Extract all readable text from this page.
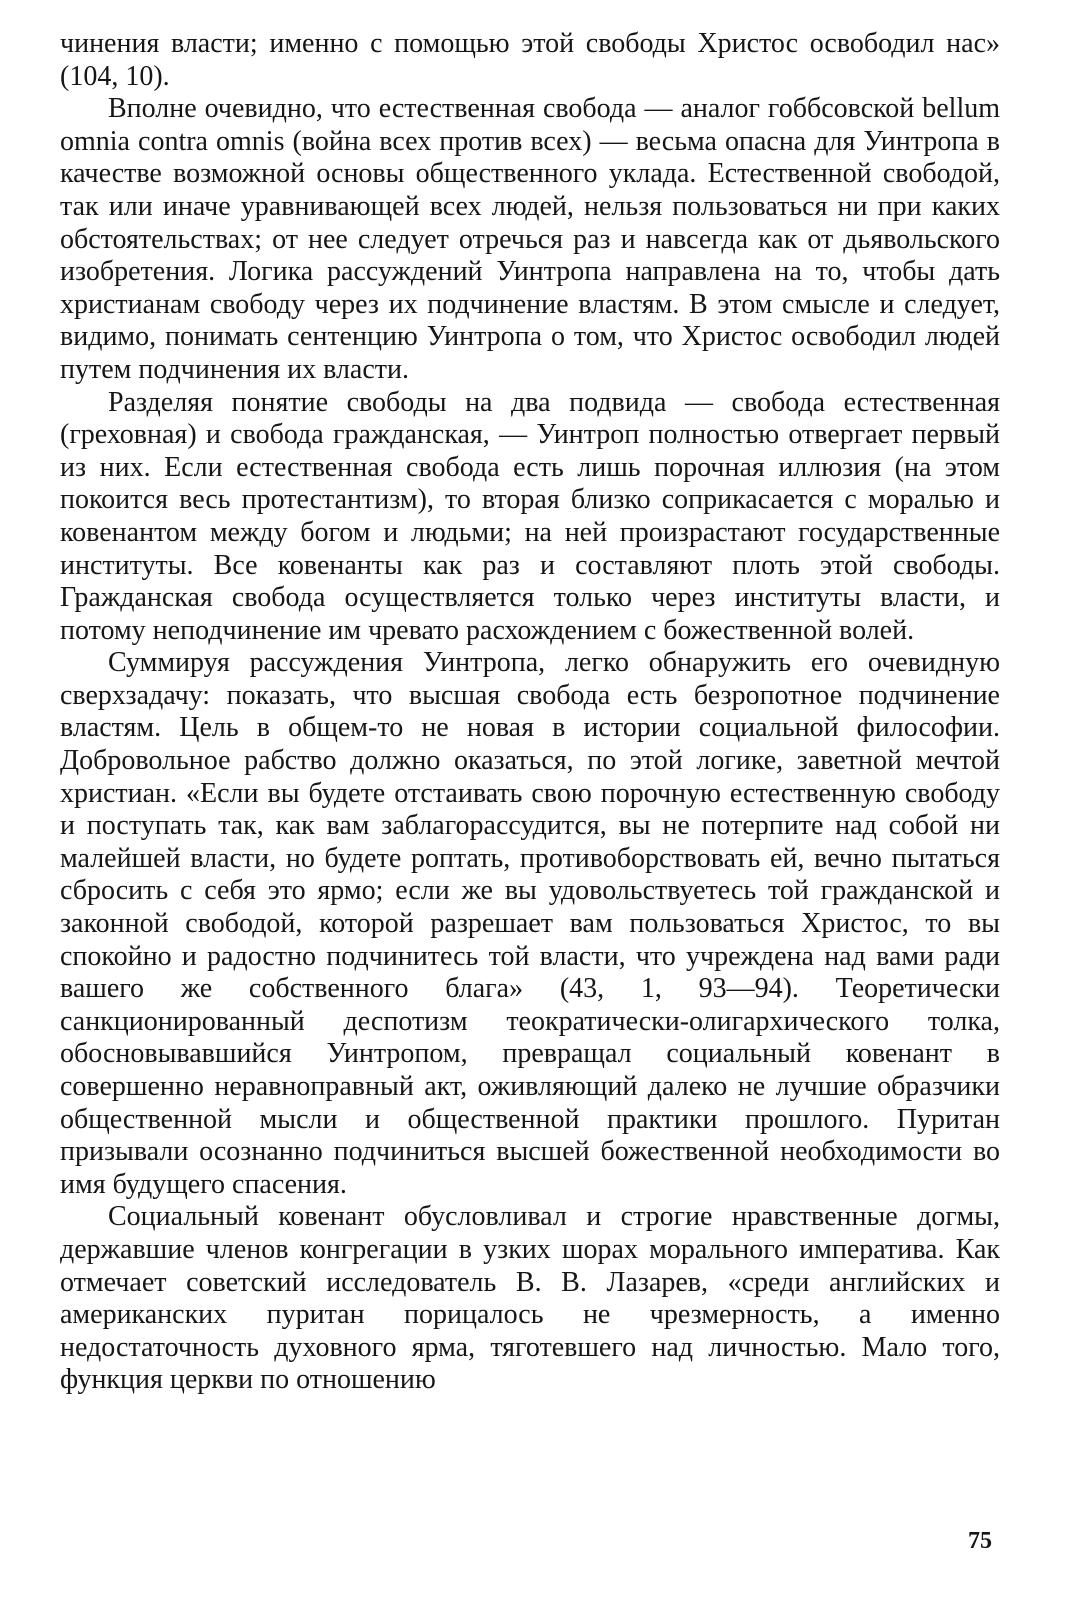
чинения власти; именно с помощью этой свободы Христос освободил нас» (104, 10).

Вполне очевидно, что естественная свобода — аналог гоббсовской bellum omnia contra omnis (война всех против всех) — весьма опасна для Уинтропа в качестве возможной основы общественного уклада. Естественной свободой, так или иначе уравнивающей всех людей, нельзя пользоваться ни при каких обстоятельствах; от нее следует отречься раз и навсегда как от дьявольского изобретения. Логика рассуждений Уинтропа направлена на то, чтобы дать христианам свободу через их подчинение властям. В этом смысле и следует, видимо, понимать сентенцию Уинтропа о том, что Христос освободил людей путем подчинения их власти.

Разделяя понятие свободы на два подвида — свобода естественная (греховная) и свобода гражданская, — Уинтроп полностью отвергает первый из них. Если естественная свобода есть лишь порочная иллюзия (на этом покоится весь протестантизм), то вторая близко соприкасается с моралью и ковенантом между богом и людьми; на ней произрастают государственные институты. Все ковенанты как раз и составляют плоть этой свободы. Гражданская свобода осуществляется только через институты власти, и потому неподчинение им чревато расхождением с божественной волей.

Суммируя рассуждения Уинтропа, легко обнаружить его очевидную сверхзадачу: показать, что высшая свобода есть безропотное подчинение властям. Цель в общем-то не новая в истории социальной философии. Добровольное рабство должно оказаться, по этой логике, заветной мечтой христиан. «Если вы будете отстаивать свою порочную естественную свободу и поступать так, как вам заблагорассудится, вы не потерпите над собой ни малейшей власти, но будете роптать, противоборствовать ей, вечно пытаться сбросить с себя это ярмо; если же вы удовольствуетесь той гражданской и законной свободой, которой разрешает вам пользоваться Христос, то вы спокойно и радостно подчинитесь той власти, что учреждена над вами ради вашего же собственного блага» (43, 1, 93—94). Теоретически санкционированный деспотизм теократически-олигархического толка, обосновывавшийся Уинтропом, превращал социальный ковенант в совершенно неравноправный акт, оживляющий далеко не лучшие образчики общественной мысли и общественной практики прошлого. Пуритан призывали осознанно подчиниться высшей божественной необходимости во имя будущего спасения.

Социальный ковенант обусловливал и строгие нравственные догмы, державшие членов конгрегации в узких шорах морального императива. Как отмечает советский исследователь В. В. Лазарев, «среди английских и американских пуритан порицалось не чрезмерность, а именно недостаточность духовного ярма, тяготевшего над личностью. Мало того, функция церкви по отношению

75
